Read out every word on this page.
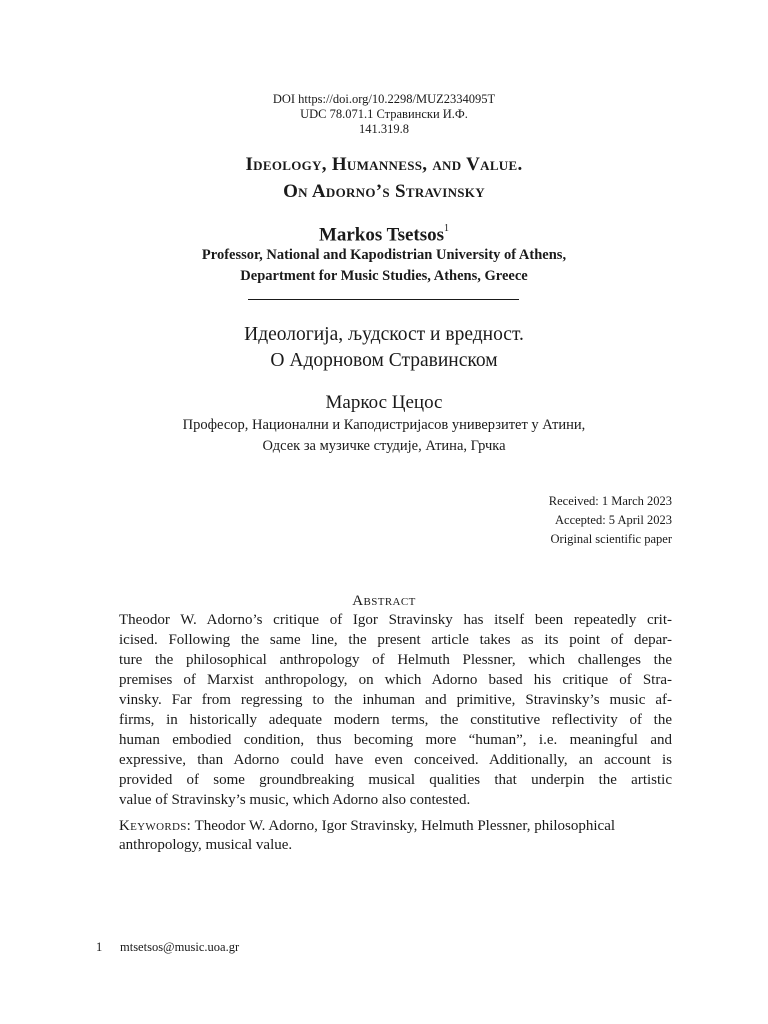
DOI https://doi.org/10.2298/MUZ2334095T
UDC 78.071.1 Стравински И.Ф.
141.319.8
Ideology, Humanness, and Value.
On Adorno’s Stravinsky
Markos Tsetsos$^1$
Professor, National and Kapodistrian University of Athens,
Department for Music Studies, Athens, Greece
Идеологија, људскост и вредност.
О Адорновом Стравинском
Маркос Цецос
Професор, Национални и Каподистријасов универзитет у Атини,
Одсек за музичке студије, Атина, Грчка
Received: 1 March 2023
Accepted: 5 April 2023
Original scientific paper
Abstract
Theodor W. Adorno’s critique of Igor Stravinsky has itself been repeatedly crit-
icised. Following the same line, the present article takes as its point of depar-
ture the philosophical anthropology of Helmuth Plessner, which challenges the
premises of Marxist anthropology, on which Adorno based his critique of Stra-
vinsky. Far from regressing to the inhuman and primitive, Stravinsky’s music af-
firms, in historically adequate modern terms, the constitutive reflectivity of the
human embodied condition, thus becoming more “human”, i.e. meaningful and
expressive, than Adorno could have even conceived. Additionally, an account is
provided of some groundbreaking musical qualities that underpin the artistic
value of Stravinsky’s music, which Adorno also contested.
Keywords: Theodor W. Adorno, Igor Stravinsky, Helmuth Plessner, philosophical anthropology, musical value.
1 mtsetsos@music.uoa.gr
